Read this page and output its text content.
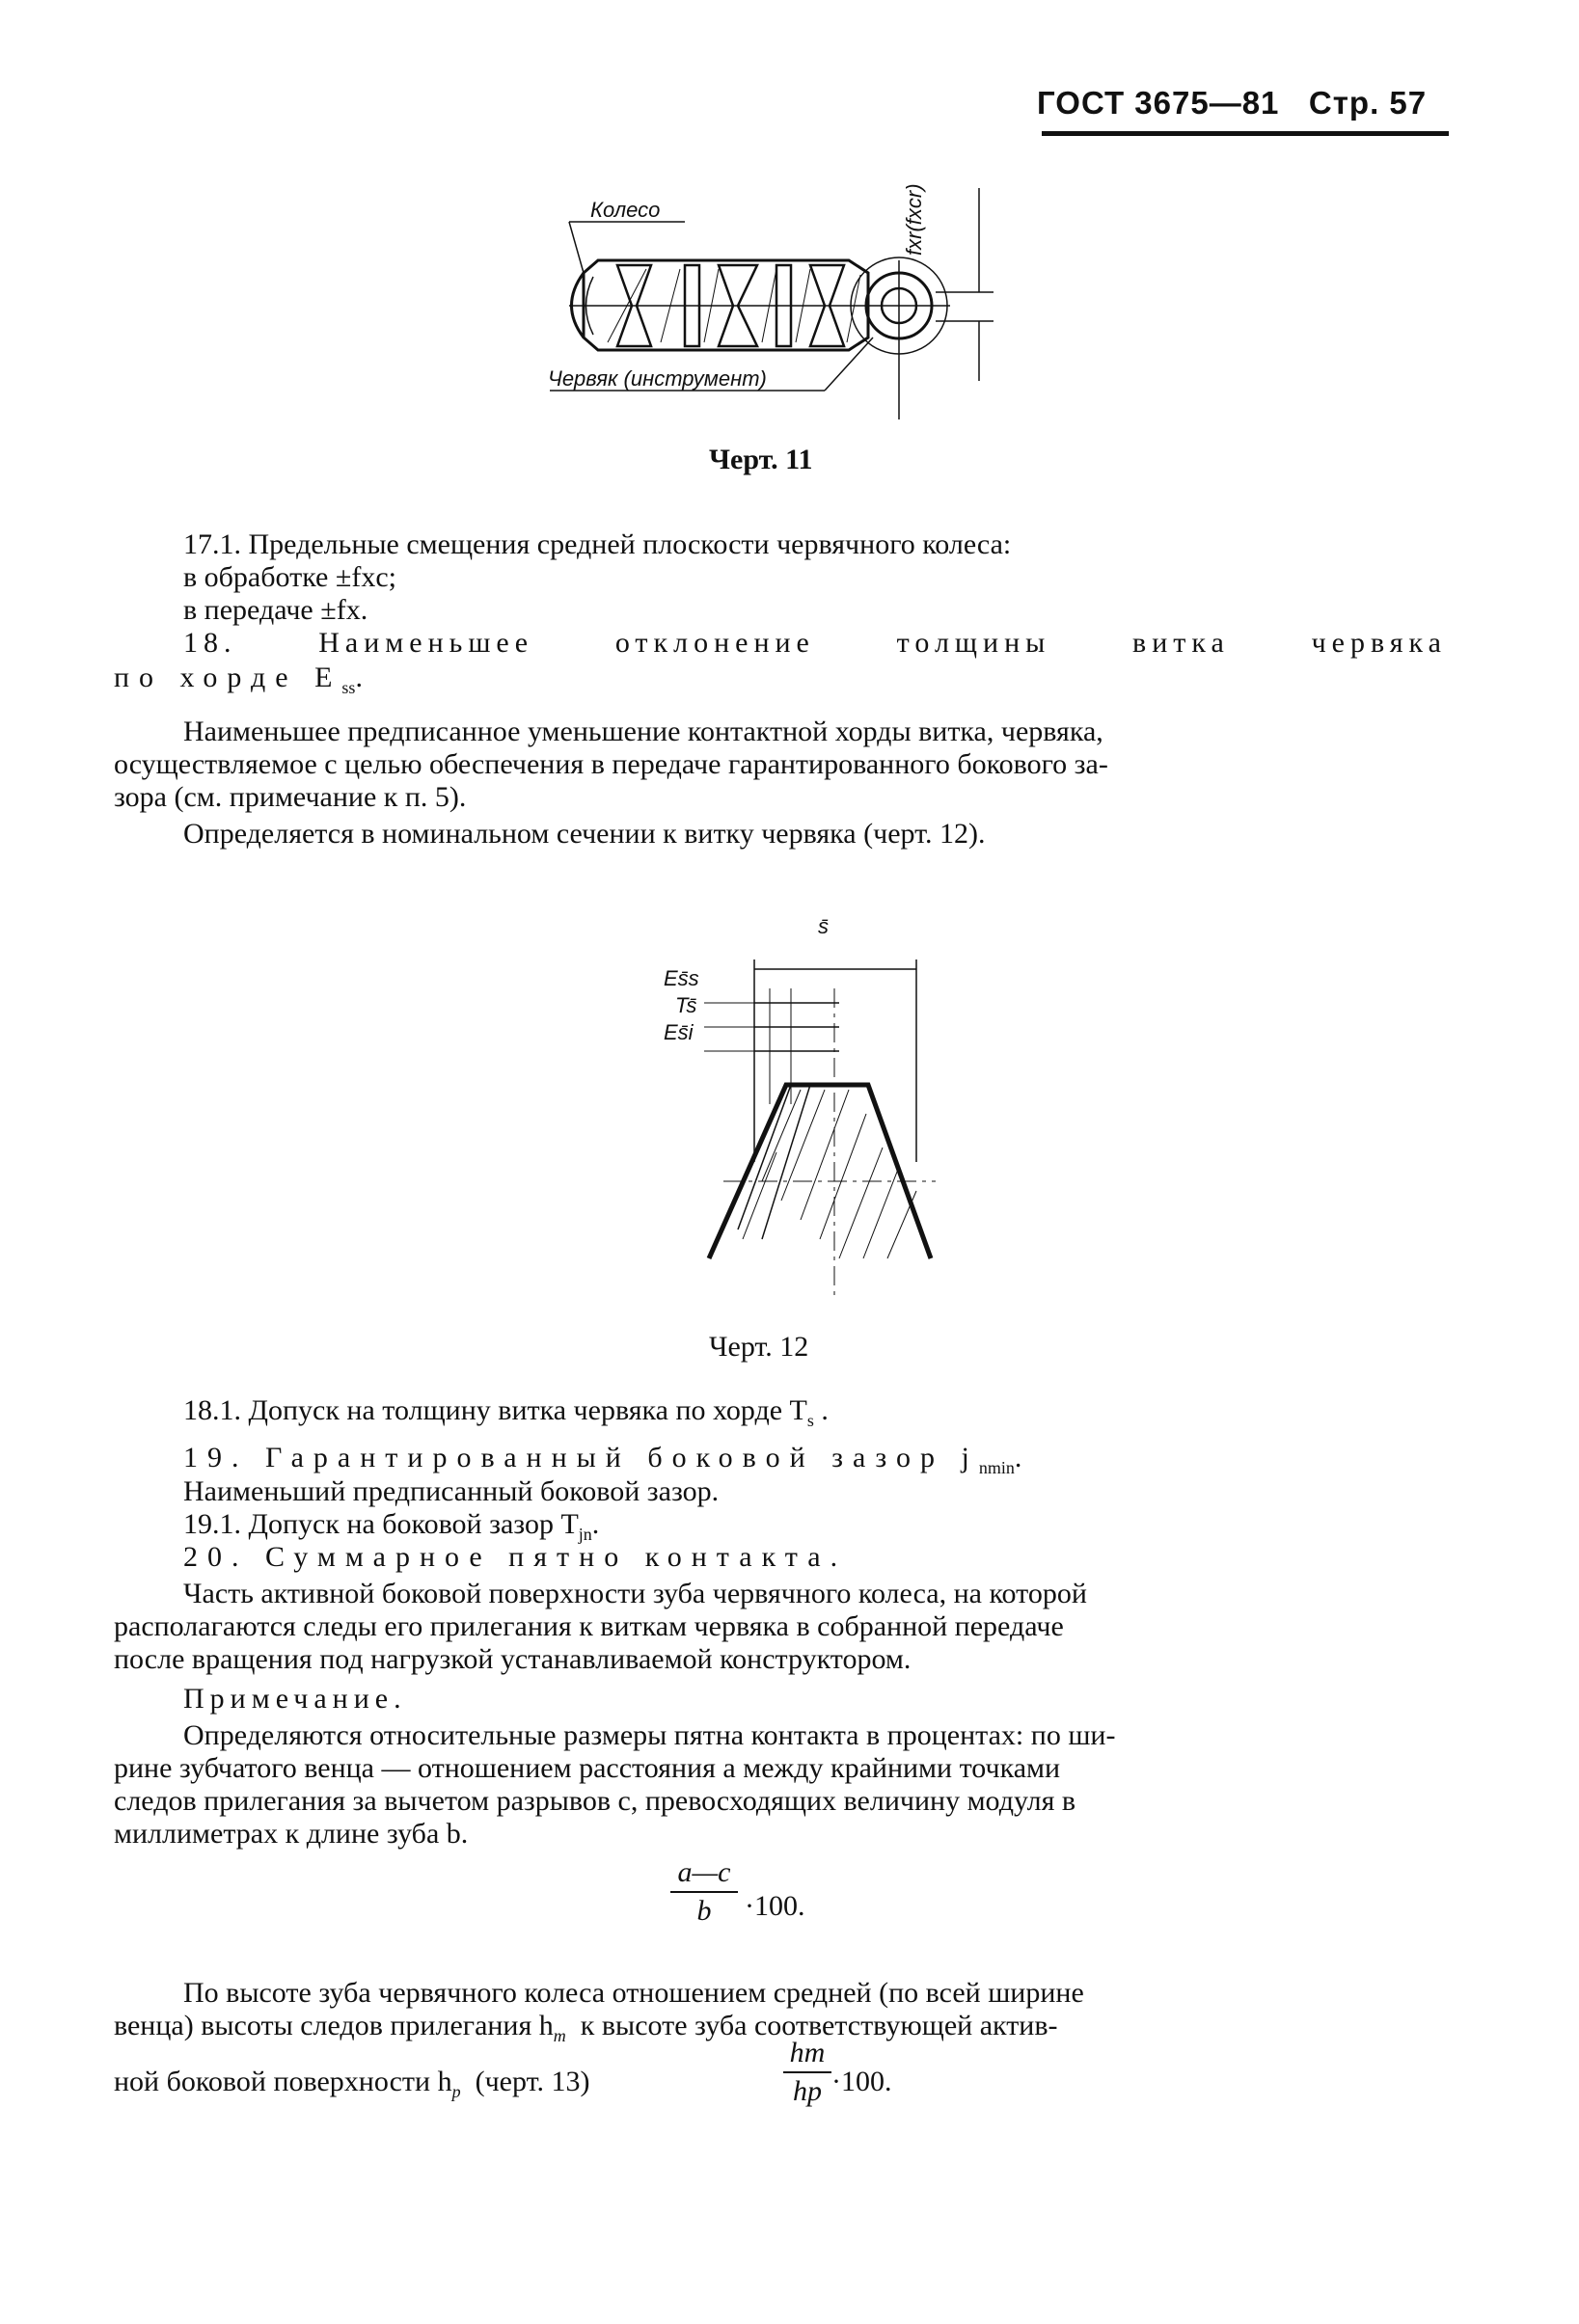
ГОСТ 3675—81 Стр. 57
Колесо
Червяк (инструмент)
fxr(fxcr)
Черт. 11
17.1. Предельные смещения средней плоскости червячного колеса:
в обработке ±fxc;
в передаче ±fx.
18. Наименьшее отклонение толщины витка червяка
по хорде $E_{ss}$.
Наименьшее предписанное уменьшение контактной хорды витка, червяка,
осуществляемое с целью обеспечения в передаче гарантированного бокового за-
зора (см. примечание к п. 5).
Определяется в номинальном сечении к витку червяка (черт. 12).
s̄
Es̄s
Ts̄
Es̄i
Черт. 12
18.1. Допуск на толщину витка червяка по хорде $T_s$ .
19. Гарантированный боковой зазор $j_{nmin}$.
Наименьший предписанный боковой зазор.
19.1. Допуск на боковой зазор $T_{jn}$.
20. Суммарное пятно контакта.
Часть активной боковой поверхности зуба червячного колеса, на которой
располагаются следы его прилегания к виткам червяка в собранной передаче
после вращения под нагрузкой устанавливаемой конструктором.
Примечание.
Определяются относительные размеры пятна контакта в процентах: по ши-
рине зубчатого венца — отношением расстояния a между крайними точками
следов прилегания за вычетом разрывов c, превосходящих величину модуля в
миллиметрах к длине зуба b.
a—c
b	·100.
По высоте зуба червячного колеса отношением средней (по всей ширине
венца) высоты следов прилегания $h_m$ к высоте зуба соответствующей актив-
ной боковой поверхности $h_p$ (черт. 13)
hm
hp ·100.
